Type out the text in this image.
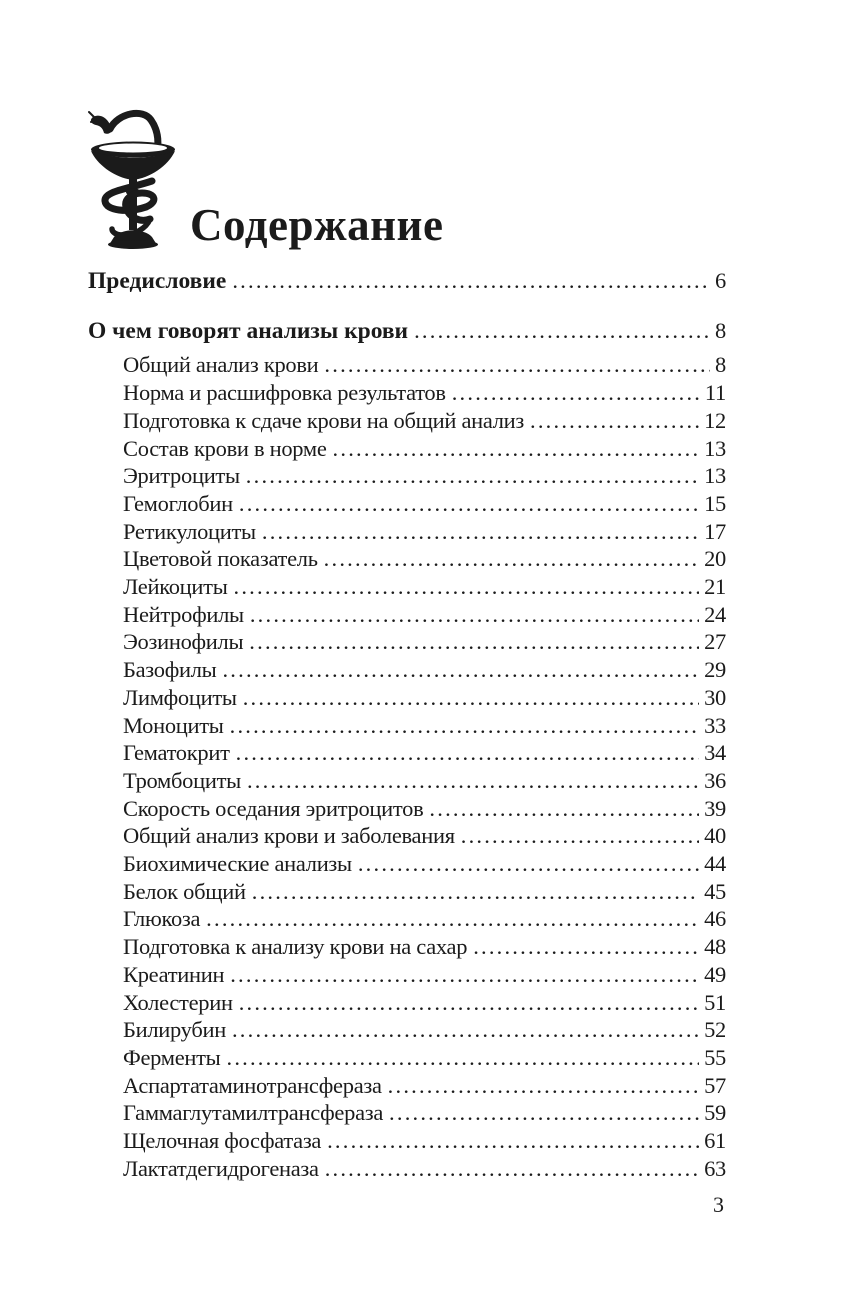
Содержание
Предисловие .....	6
О чем говорят анализы крови .....	8
Общий анализ крови .....	8
Норма и расшифровка результатов .....	11
Подготовка к сдаче крови на общий анализ .....	12
Состав крови в норме .....	13
Эритроциты .....	13
Гемоглобин .....	15
Ретикулоциты .....	17
Цветовой показатель .....	20
Лейкоциты .....	21
Нейтрофилы .....	24
Эозинофилы .....	27
Базофилы .....	29
Лимфоциты .....	30
Моноциты .....	33
Гематокрит .....	34
Тромбоциты .....	36
Скорость оседания эритроцитов .....	39
Общий анализ крови и заболевания .....	40
Биохимические анализы .....	44
Белок общий .....	45
Глюкоза .....	46
Подготовка к анализу крови на сахар .....	48
Креатинин .....	49
Холестерин .....	51
Билирубин .....	52
Ферменты .....	55
Аспартатаминотрансфераза .....	57
Гаммаглутамилтрансфераза .....	59
Щелочная фосфатаза .....	61
Лактатдегидрогеназа .....	63
3
